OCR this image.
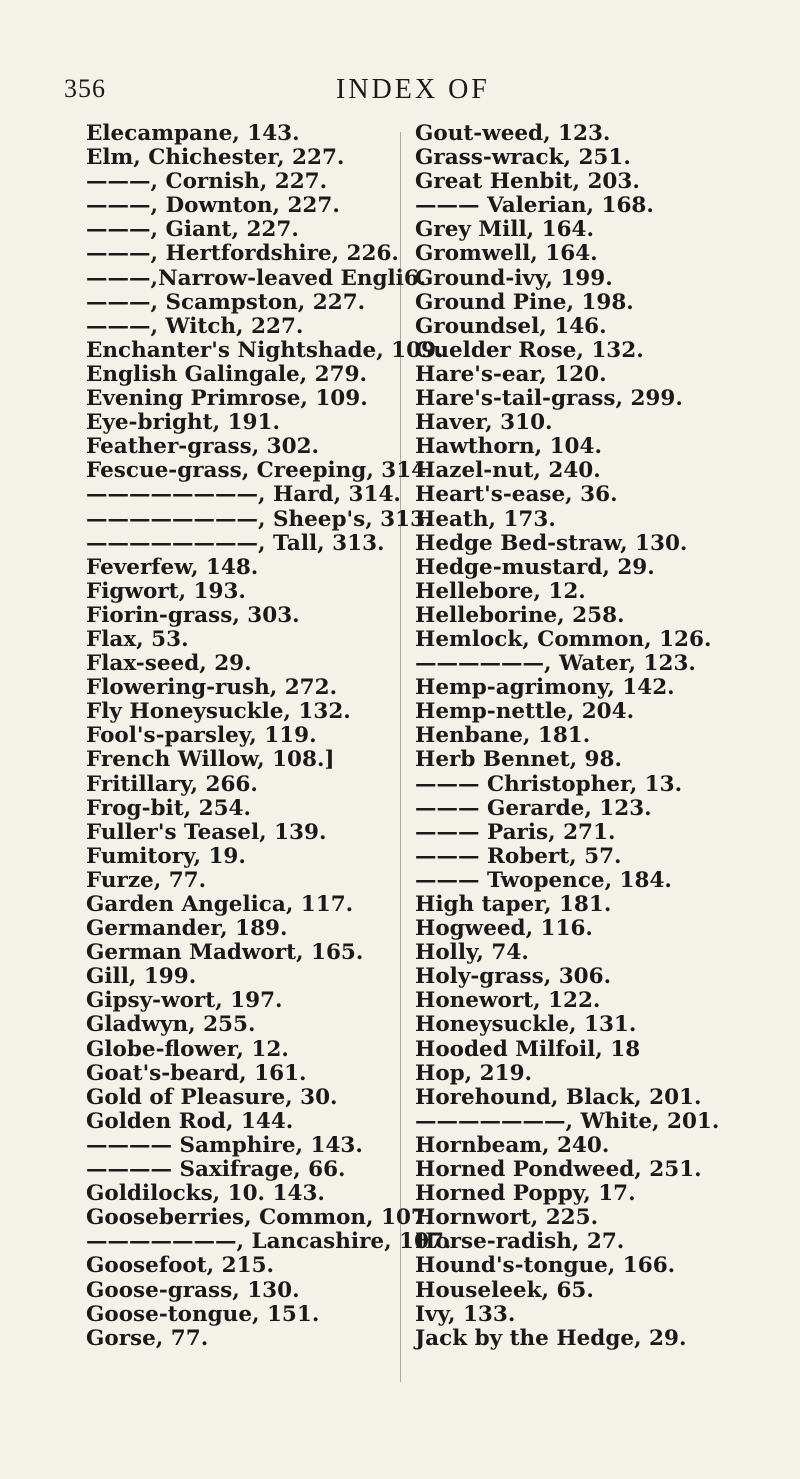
356	INDEX OF
Elecampane, 143.
Elm, Chichester, 227.
———, Cornish, 227.
———, Downton, 227.
———, Giant, 227.
———, Hertfordshire, 226.
———,Narrow-leaved Engli6.
———, Scampston, 227.
———, Witch, 227.
Enchanter's Nightshade, 109.
English Galingale, 279.
Evening Primrose, 109.
Eye-bright, 191.
Feather-grass, 302.
Fescue-grass, Creeping, 314.
————————, Hard, 314.
————————, Sheep's, 313.
————————, Tall, 313.
Feverfew, 148.
Figwort, 193.
Fiorin-grass, 303.
Flax, 53.
Flax-seed, 29.
Flowering-rush, 272.
Fly Honeysuckle, 132.
Fool's-parsley, 119.
French Willow, 108.]
Fritillary, 266.
Frog-bit, 254.
Fuller's Teasel, 139.
Fumitory, 19.
Furze, 77.
Garden Angelica, 117.
Germander, 189.
German Madwort, 165.
Gill, 199.
Gipsy-wort, 197.
Gladwyn, 255.
Globe-flower, 12.
Goat's-beard, 161.
Gold of Pleasure, 30.
Golden Rod, 144.
———— Samphire, 143.
———— Saxifrage, 66.
Goldilocks, 10. 143.
Gooseberries, Common, 107.
———————, Lancashire, 107.
Goosefoot, 215.
Goose-grass, 130.
Goose-tongue, 151.
Gorse, 77.
Gout-weed, 123.
Grass-wrack, 251.
Great Henbit, 203.
——— Valerian, 168.
Grey Mill, 164.
Gromwell, 164.
Ground-ivy, 199.
Ground Pine, 198.
Groundsel, 146.
Guelder Rose, 132.
Hare's-ear, 120.
Hare's-tail-grass, 299.
Haver, 310.
Hawthorn, 104.
Hazel-nut, 240.
Heart's-ease, 36.
Heath, 173.
Hedge Bed-straw, 130.
Hedge-mustard, 29.
Hellebore, 12.
Helleborine, 258.
Hemlock, Common, 126.
——————, Water, 123.
Hemp-agrimony, 142.
Hemp-nettle, 204.
Henbane, 181.
Herb Bennet, 98.
——— Christopher, 13.
——— Gerarde, 123.
——— Paris, 271.
——— Robert, 57.
——— Twopence, 184.
High taper, 181.
Hogweed, 116.
Holly, 74.
Holy-grass, 306.
Honewort, 122.
Honeysuckle, 131.
Hooded Milfoil, 18
Hop, 219.
Horehound, Black, 201.
———————, White, 201.
Hornbeam, 240.
Horned Pondweed, 251.
Horned Poppy, 17.
Hornwort, 225.
Horse-radish, 27.
Hound's-tongue, 166.
Houseleek, 65.
Ivy, 133.
Jack by the Hedge, 29.
